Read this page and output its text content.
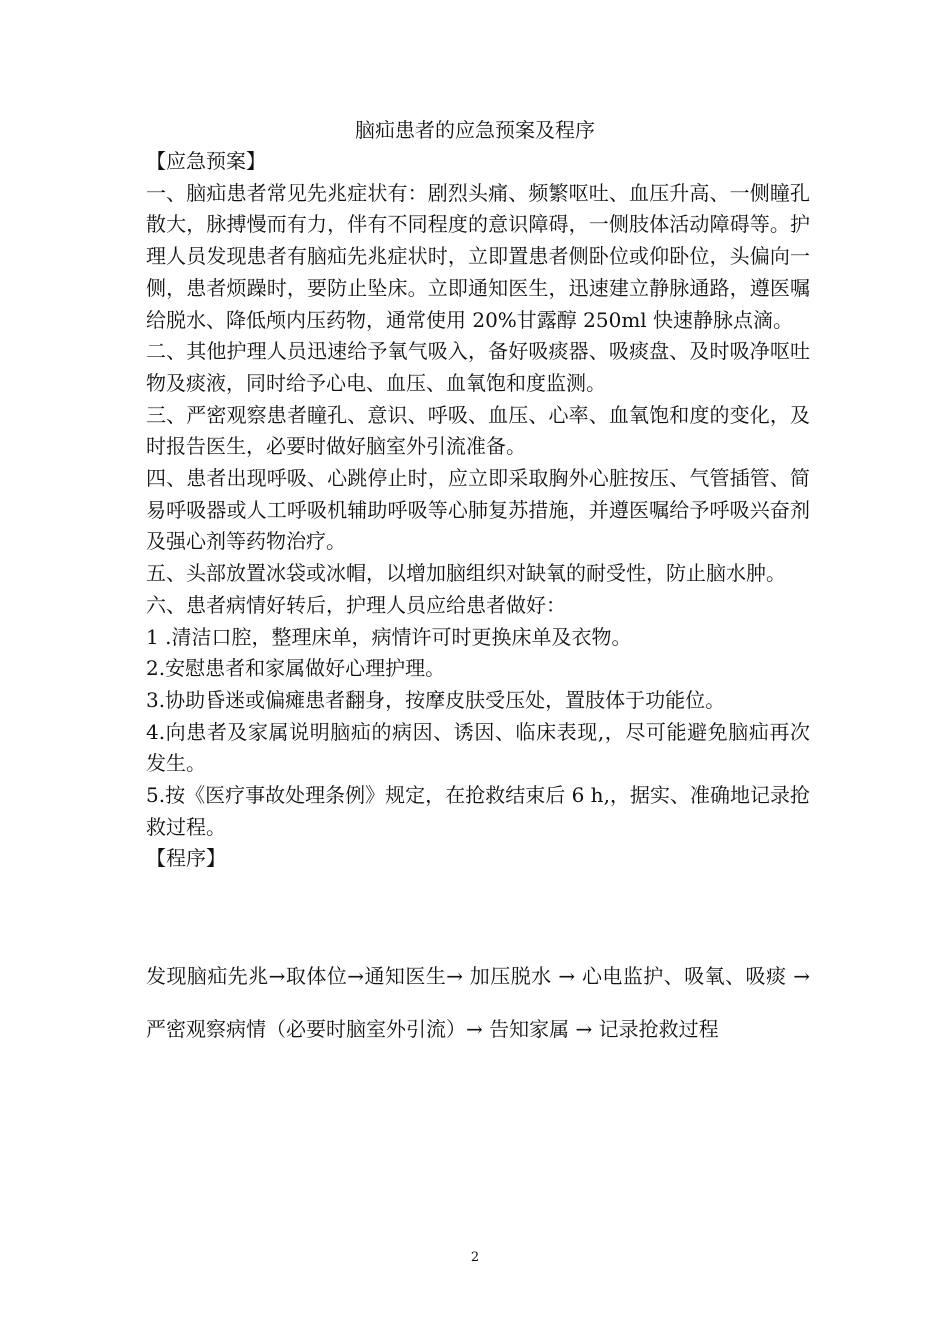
脑疝患者的应急预案及程序

【应急预案】

一、脑疝患者常见先兆症状有：剧烈头痛、频繁呕吐、血压升高、一侧瞳孔散大，脉搏慢而有力，伴有不同程度的意识障碍，一侧肢体活动障碍等。护理人员发现患者有脑疝先兆症状时，立即置患者侧卧位或仰卧位，头偏向一侧，患者烦躁时，要防止坠床。立即通知医生，迅速建立静脉通路，遵医嘱给脱水、降低颅内压药物，通常使用 20%甘露醇 250ml 快速静脉点滴。

二、其他护理人员迅速给予氧气吸入，备好吸痰器、吸痰盘、及时吸净呕吐物及痰液，同时给予心电、血压、血氧饱和度监测。

三、严密观察患者瞳孔、意识、呼吸、血压、心率、血氧饱和度的变化，及时报告医生，必要时做好脑室外引流准备。

四、患者出现呼吸、心跳停止时，应立即采取胸外心脏按压、气管插管、简易呼吸器或人工呼吸机辅助呼吸等心肺复苏措施，并遵医嘱给予呼吸兴奋剂及强心剂等药物治疗。

五、头部放置冰袋或冰帽，以增加脑组织对缺氧的耐受性，防止脑水肿。

六、患者病情好转后，护理人员应给患者做好：

1 .清洁口腔，整理床单，病情许可时更换床单及衣物。

2.安慰患者和家属做好心理护理。

3.协助昏迷或偏瘫患者翻身，按摩皮肤受压处，置肢体于功能位。

4.向患者及家属说明脑疝的病因、诱因、临床表现,，尽可能避免脑疝再次发生。

5.按《医疗事故处理条例》规定，在抢救结束后 6 h,，据实、准确地记录抢救过程。

【程序】

发现脑疝先兆→取体位→通知医生→ 加压脱水 → 心电监护、吸氧、吸痰 →严密观察病情（必要时脑室外引流）→ 告知家属 → 记录抢救过程

2
